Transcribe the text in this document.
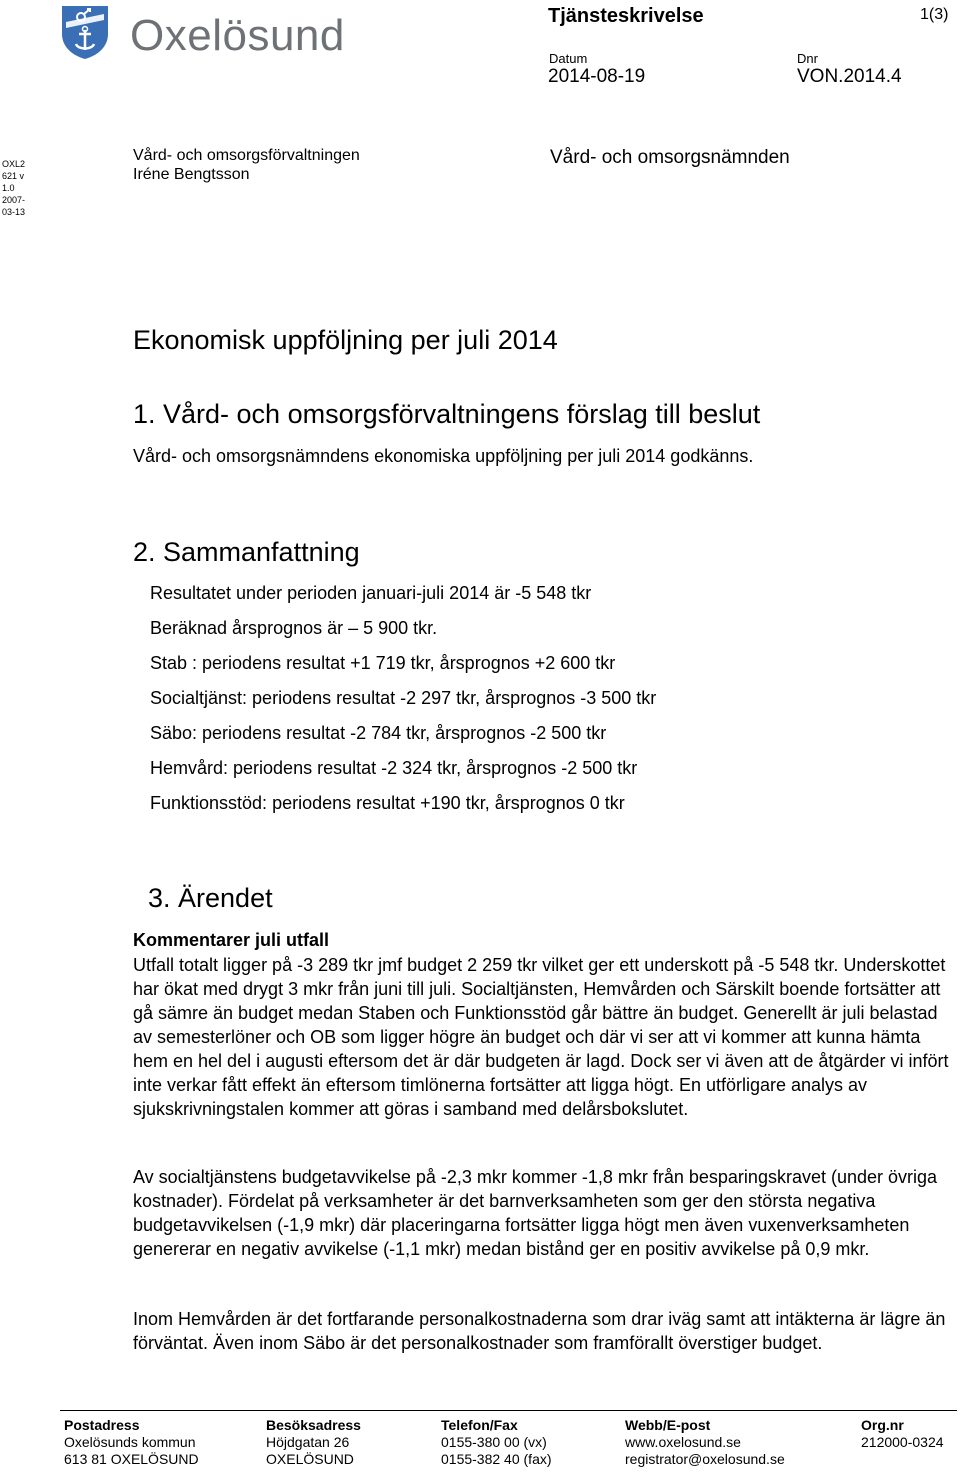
Oxelösund	Tjänsteskrivelse	1(3)
Datum
2014-08-19
Dnr
VON.2014.4
OXL2 621 v 1.0 2007-03-13
Vård- och omsorgsförvaltningen
Iréne Bengtsson
Vård- och omsorgsnämnden
Ekonomisk uppföljning per juli 2014
1. Vård- och omsorgsförvaltningens förslag till beslut
Vård- och omsorgsnämndens ekonomiska uppföljning per juli 2014 godkänns.
2. Sammanfattning
Resultatet under perioden januari-juli 2014 är -5 548 tkr
Beräknad årsprognos är – 5 900 tkr.
Stab : periodens resultat +1 719 tkr, årsprognos +2 600 tkr
Socialtjänst: periodens resultat -2 297 tkr, årsprognos -3 500 tkr
Säbo: periodens resultat -2 784 tkr, årsprognos -2 500 tkr
Hemvård: periodens resultat -2 324 tkr, årsprognos -2 500 tkr
Funktionsstöd: periodens resultat +190 tkr, årsprognos 0 tkr
3. Ärendet
Kommentarer juli utfall
Utfall totalt ligger på -3 289 tkr jmf budget 2 259 tkr vilket ger ett underskott på -5 548 tkr. Underskottet har ökat med drygt 3 mkr från juni till juli. Socialtjänsten, Hemvården och Särskilt boende fortsätter att gå sämre än budget medan Staben och Funktionsstöd går bättre än budget. Generellt är juli belastad av semesterlöner och OB som ligger högre än budget och där vi ser att vi kommer att kunna hämta hem en hel del i augusti eftersom det är där budgeten är lagd. Dock ser vi även att de åtgärder vi infört inte verkar fått effekt än eftersom timlönerna fortsätter att ligga högt. En utförligare analys av sjukskrivningstalen kommer att göras i samband med delårsbokslutet.
Av socialtjänstens budgetavvikelse på -2,3 mkr kommer -1,8 mkr från besparingskravet (under övriga kostnader). Fördelat på verksamheter är det barnverksamheten som ger den största negativa budgetavvikelsen (-1,9 mkr) där placeringarna fortsätter ligga högt men även vuxenverksamheten genererar en negativ avvikelse (-1,1 mkr) medan bistånd ger en positiv avvikelse på 0,9 mkr.
Inom Hemvården är det fortfarande personalkostnaderna som drar iväg samt att intäkterna är lägre än förväntat. Även inom Säbo är det personalkostnader som framförallt överstiger budget.
Postadress
Oxelösunds kommun
613 81 OXELÖSUND
Besöksadress
Höjdgatan 26
OXELÖSUND
Telefon/Fax
0155-380 00 (vx)
0155-382 40 (fax)
Webb/E-post
www.oxelosund.se
registrator@oxelosund.se
Org.nr
212000-0324
